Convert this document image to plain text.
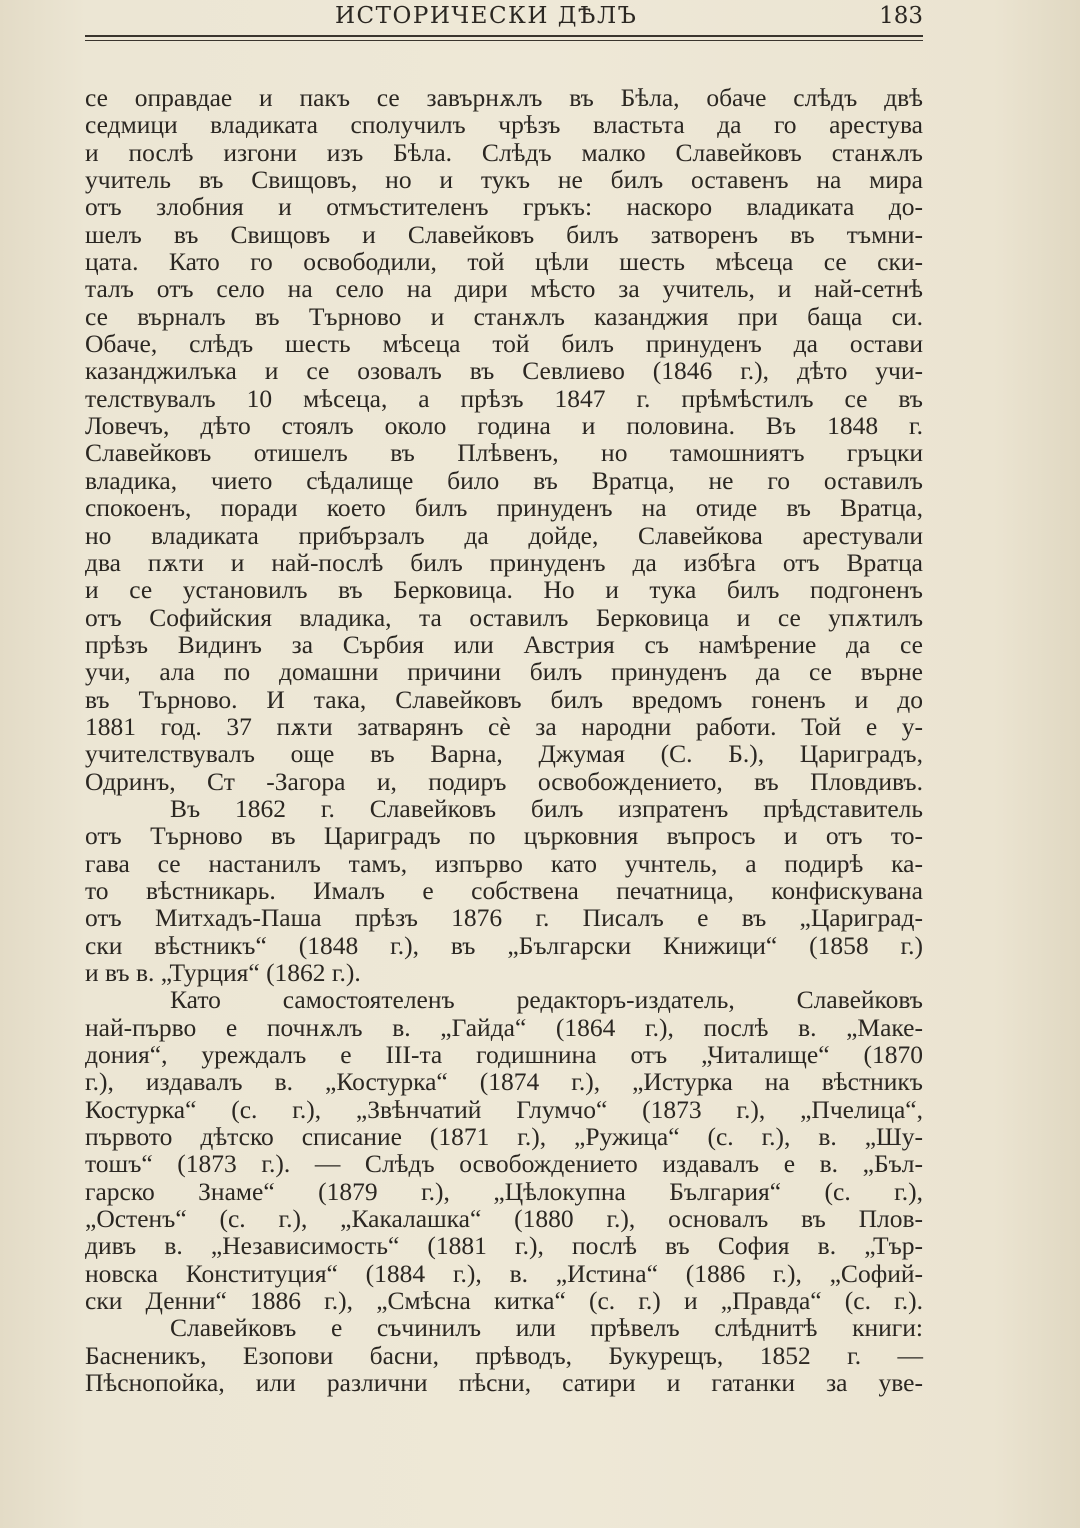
ИСТОРИЧЕСКИ ДѢЛЪ	183
се оправдае и пакъ се завърнѫлъ въ Бѣла, обаче слѣдъ двѣ
седмици владиката сполучилъ чрѣзъ властьта да го арестува
и послѣ изгони изъ Бѣла. Слѣдъ малко Славейковъ станѫлъ
учитель въ Свищовъ, но и тукъ не билъ оставенъ на мира
отъ злобния и отмъстителенъ гръкъ: наскоро владиката до-
шелъ въ Свищовъ и Славейковъ билъ затворенъ въ тъмни-
цата. Като го освободили, той цѣли шесть мѣсеца се ски-
талъ отъ село на село на дири мѣсто за учитель, и най-сетнѣ
се върналъ въ Търново и станѫлъ казанджия при баща си.
Обаче, слѣдъ шесть мѣсеца той билъ принуденъ да остави
казанджилъка и се озовалъ въ Севлиево (1846 г.), дѣто учи-
телствувалъ 10 мѣсеца, а прѣзъ 1847 г. прѣмѣстилъ се въ
Ловечъ, дѣто стоялъ около година и половина. Въ 1848 г.
Славейковъ отишелъ въ Плѣвенъ, но тамошниятъ гръцки
владика, чието сѣдалище било въ Вратца, не го оставилъ
спокоенъ, поради което билъ принуденъ на отиде въ Вратца,
но владиката прибързалъ да дойде, Славейкова арестували
два пѫти и най-послѣ билъ принуденъ да избѣга отъ Вратца
и се установилъ въ Берковица. Но и тука билъ подгоненъ
отъ Софийския владика, та оставилъ Берковица и се упѫтилъ
прѣзъ Видинъ за Сърбия или Австрия съ намѣрение да се
учи, ала по домашни причини билъ принуденъ да се върне
въ Търново. И така, Славейковъ билъ вредомъ гоненъ и до
1881 год. 37 пѫти затварянъ сѐ за народни работи. Той е у-
учителствувалъ още въ Варна, Джумая (С. Б.), Цариградъ,
Одринъ, Ст -Загора и, подиръ освобождението, въ Пловдивъ.
Въ 1862 г. Славейковъ билъ изпратенъ прѣдставитель
отъ Търново въ Цариградъ по църковния въпросъ и отъ то-
гава се настанилъ тамъ, изпърво като учнтель, а подирѣ ка-
то вѣстникарь. Ималъ е собствена печатница, конфискувана
отъ Митхадъ-Паша прѣзъ 1876 г. Писалъ е въ „Цариград-
ски вѣстникъ“ (1848 г.), въ „Български Книжици“ (1858 г.)
и въ в. „Турция“ (1862 г.).
Като самостоятеленъ редакторъ-издатель, Славейковъ
най-първо е почнѫлъ в. „Гайда“ (1864 г.), послѣ в. „Маке-
дония“, уреждалъ е III-та годишнина отъ „Читалище“ (1870
г.), издавалъ в. „Костурка“ (1874 г.), „Истурка на вѣстникъ
Костурка“ (с. г.), „Звѣнчатий Глумчо“ (1873 г.), „Пчелица“,
първото дѣтско списание (1871 г.), „Ружица“ (с. г.), в. „Шу-
тошъ“ (1873 г.). — Слѣдъ освобождението издавалъ е в. „Бъл-
гарско Знаме“ (1879 г.), „Цѣлокупна България“ (с. г.),
„Остенъ“ (с. г.), „Какалашка“ (1880 г.), основалъ въ Плов-
дивъ в. „Независимость“ (1881 г.), послѣ въ София в. „Тър-
новска Конституция“ (1884 г.), в. „Истина“ (1886 г.), „Софий-
ски Денни“ 1886 г.), „Смѣсна китка“ (с. г.) и „Правда“ (с. г.).
Славейковъ е съчинилъ или прѣвелъ слѣднитѣ книги:
Басненикъ, Езопови басни, прѣводъ, Букурещъ, 1852 г. —
Пѣснопойка, или различни пѣсни, сатири и гатанки за уве-
